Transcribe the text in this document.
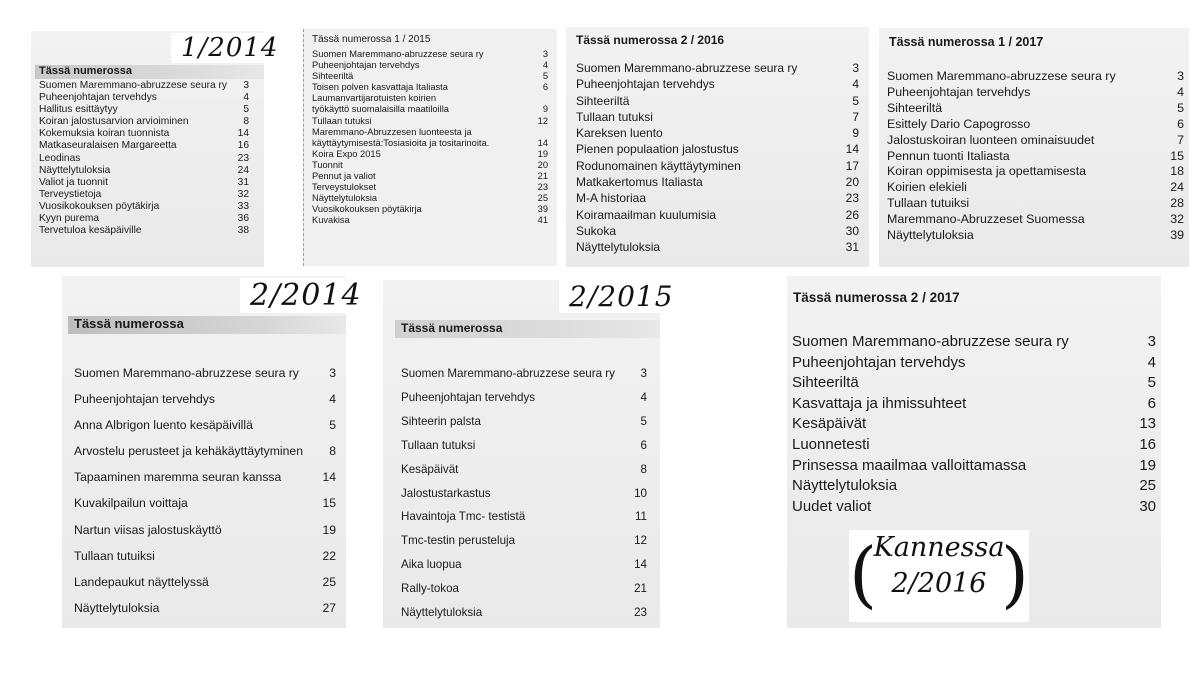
1/2014
Tässä numerossa
Suomen Maremmano-abruzzese seura ry 3
Puheenjohtajan tervehdys	4
Hallitus esittäytyy	5
Koiran jalostusarvion arvioiminen	8
Kokemuksia koiran tuonnista	14
Matkaseuralaisen Margareetta	16
Leodinas	23
Näyttelytuloksia	24
Valiot ja tuonnit	31
Terveystietoja	32
Vuosikokouksen pöytäkirja	33
Kyyn purema	36
Tervetuloa kesäpäiville	38
Tässä numerossa 1 / 2015
Suomen Maremmano-abruzzese seura ry	3
Puheenjohtajan tervehdys	4
Sihteeriltä	5
Toisen polven kasvattaja Italiasta	6
Laumanvartijarotuisten koirien
työkäyttö suomalaisilla maatiloilla	9
Tullaan tutuksi	12
Maremmano-Abruzzesen luonteesta ja
käyttäytymisestä:Tosiasioita ja tositarinoita.	14
Koira Expo 2015	19
Tuonnit	20
Pennut ja valiot	21
Terveystulokset	23
Näyttelytuloksia	25
Vuosikokouksen pöytäkirja	39
Kuvakisa	41
Tässä numerossa 2 / 2016
Suomen Maremmano-abruzzese seura ry	3
Puheenjohtajan tervehdys	4
Sihteeriltä	5
Tullaan tutuksi	7
Kareksen luento	9
Pienen populaation jalostustus	14
Rodunomainen käyttäytyminen	17
Matkakertomus Italiasta	20
M-A historiaa	23
Koiramaailman kuulumisia	26
Sukoka	30
Näyttelytuloksia	31
Tässä numerossa 1 / 2017
Suomen Maremmano-abruzzese seura ry	3
Puheenjohtajan tervehdys	4
Sihteeriltä	5
Esittely Dario Capogrosso	6
Jalostuskoiran luonteen ominaisuudet	7
Pennun tuonti Italiasta	15
Koiran oppimisesta ja opettamisesta	18
Koirien elekieli	24
Tullaan tutuiksi	28
Maremmano-Abruzzeset Suomessa	32
Näyttelytuloksia	39
2/2014
Tässä numerossa
Suomen Maremmano-abruzzese seura ry 3
Puheenjohtajan tervehdys	4
Anna Albrigon luento kesäpäivillä	5
Arvostelu perusteet ja kehäkäyttäytyminen 8
Tapaaminen maremma seuran kanssa	14
Kuvakilpailun voittaja	15
Nartun viisas jalostuskäyttö	19
Tullaan tutuiksi	22
Landepaukut näyttelyssä	25
Näyttelytuloksia	27
2/2015
Tässä numerossa
Suomen Maremmano-abruzzese seura ry 3
Puheenjohtajan tervehdys	4
Sihteerin palsta	5
Tullaan tutuksi	6
Kesäpäivät	8
Jalostustarkastus	10
Havaintoja Tmc- testistä	11
Tmc-testin perusteluja	12
Aika luopua	14
Rally-tokoa	21
Näyttelytuloksia	23
Tässä numerossa 2 / 2017
Suomen Maremmano-abruzzese seura ry	3
Puheenjohtajan tervehdys	4
Sihteeriltä	5
Kasvattaja ja ihmissuhteet	6
Kesäpäivät	13
Luonnetesti	16
Prinsessa maailmaa valloittamassa	19
Näyttelytuloksia	25
Uudet valiot	30
(
Kannessa
2/2016 )
